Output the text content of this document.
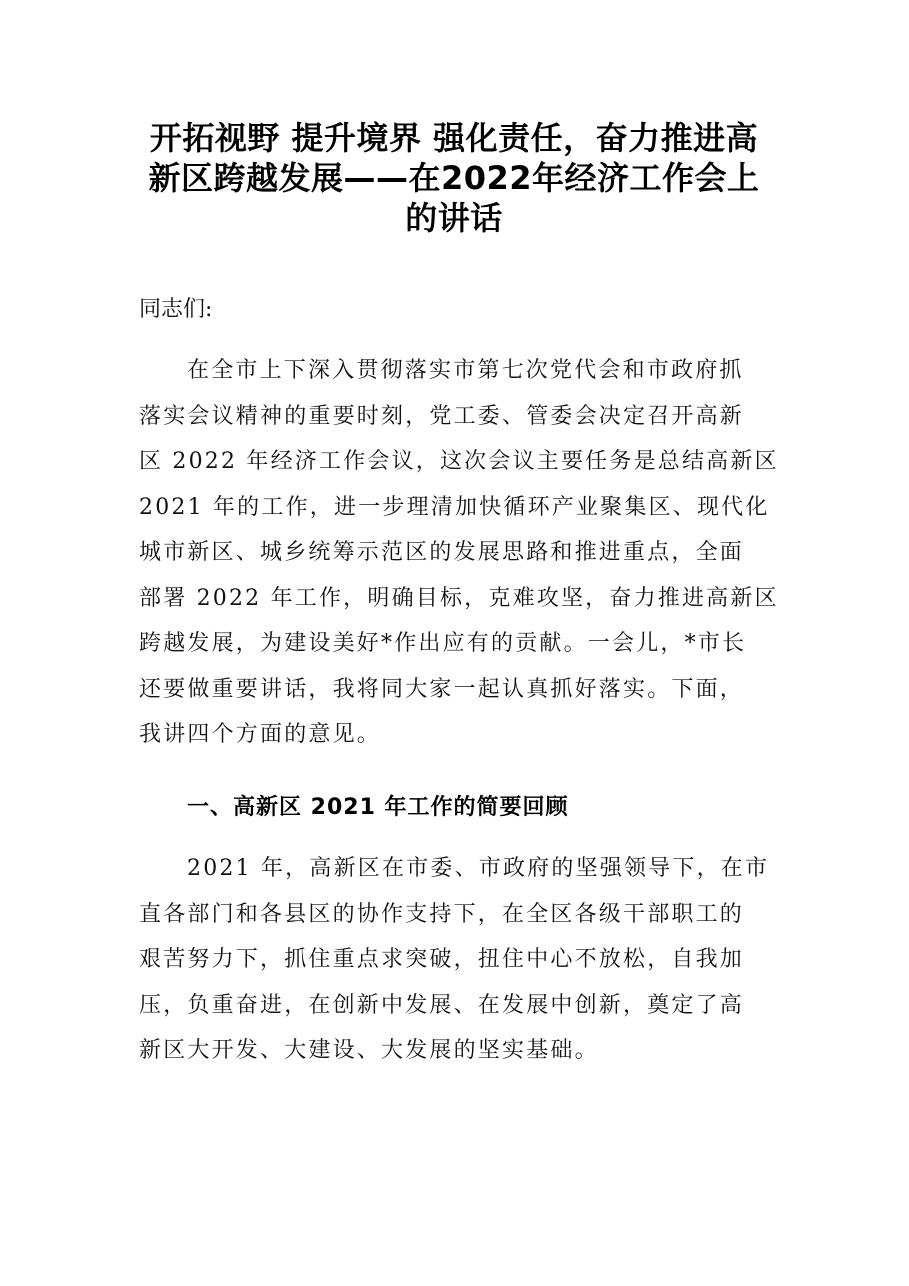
开拓视野 提升境界 强化责任，奋力推进高
新区跨越发展——在2022年经济工作会上
的讲话
同志们:
在全市上下深入贯彻落实市第七次党代会和市政府抓
落实会议精神的重要时刻，党工委、管委会决定召开高新
区 2022 年经济工作会议，这次会议主要任务是总结高新区
2021 年的工作，进一步理清加快循环产业聚集区、现代化
城市新区、城乡统筹示范区的发展思路和推进重点，全面
部署 2022 年工作，明确目标，克难攻坚，奋力推进高新区
跨越发展，为建设美好*作出应有的贡献。一会儿，*市长
还要做重要讲话，我将同大家一起认真抓好落实。下面，
我讲四个方面的意见。
一、高新区 2021 年工作的简要回顾
2021 年，高新区在市委、市政府的坚强领导下，在市
直各部门和各县区的协作支持下，在全区各级干部职工的
艰苦努力下，抓住重点求突破，扭住中心不放松，自我加
压，负重奋进，在创新中发展、在发展中创新，奠定了高
新区大开发、大建设、大发展的坚实基础。
